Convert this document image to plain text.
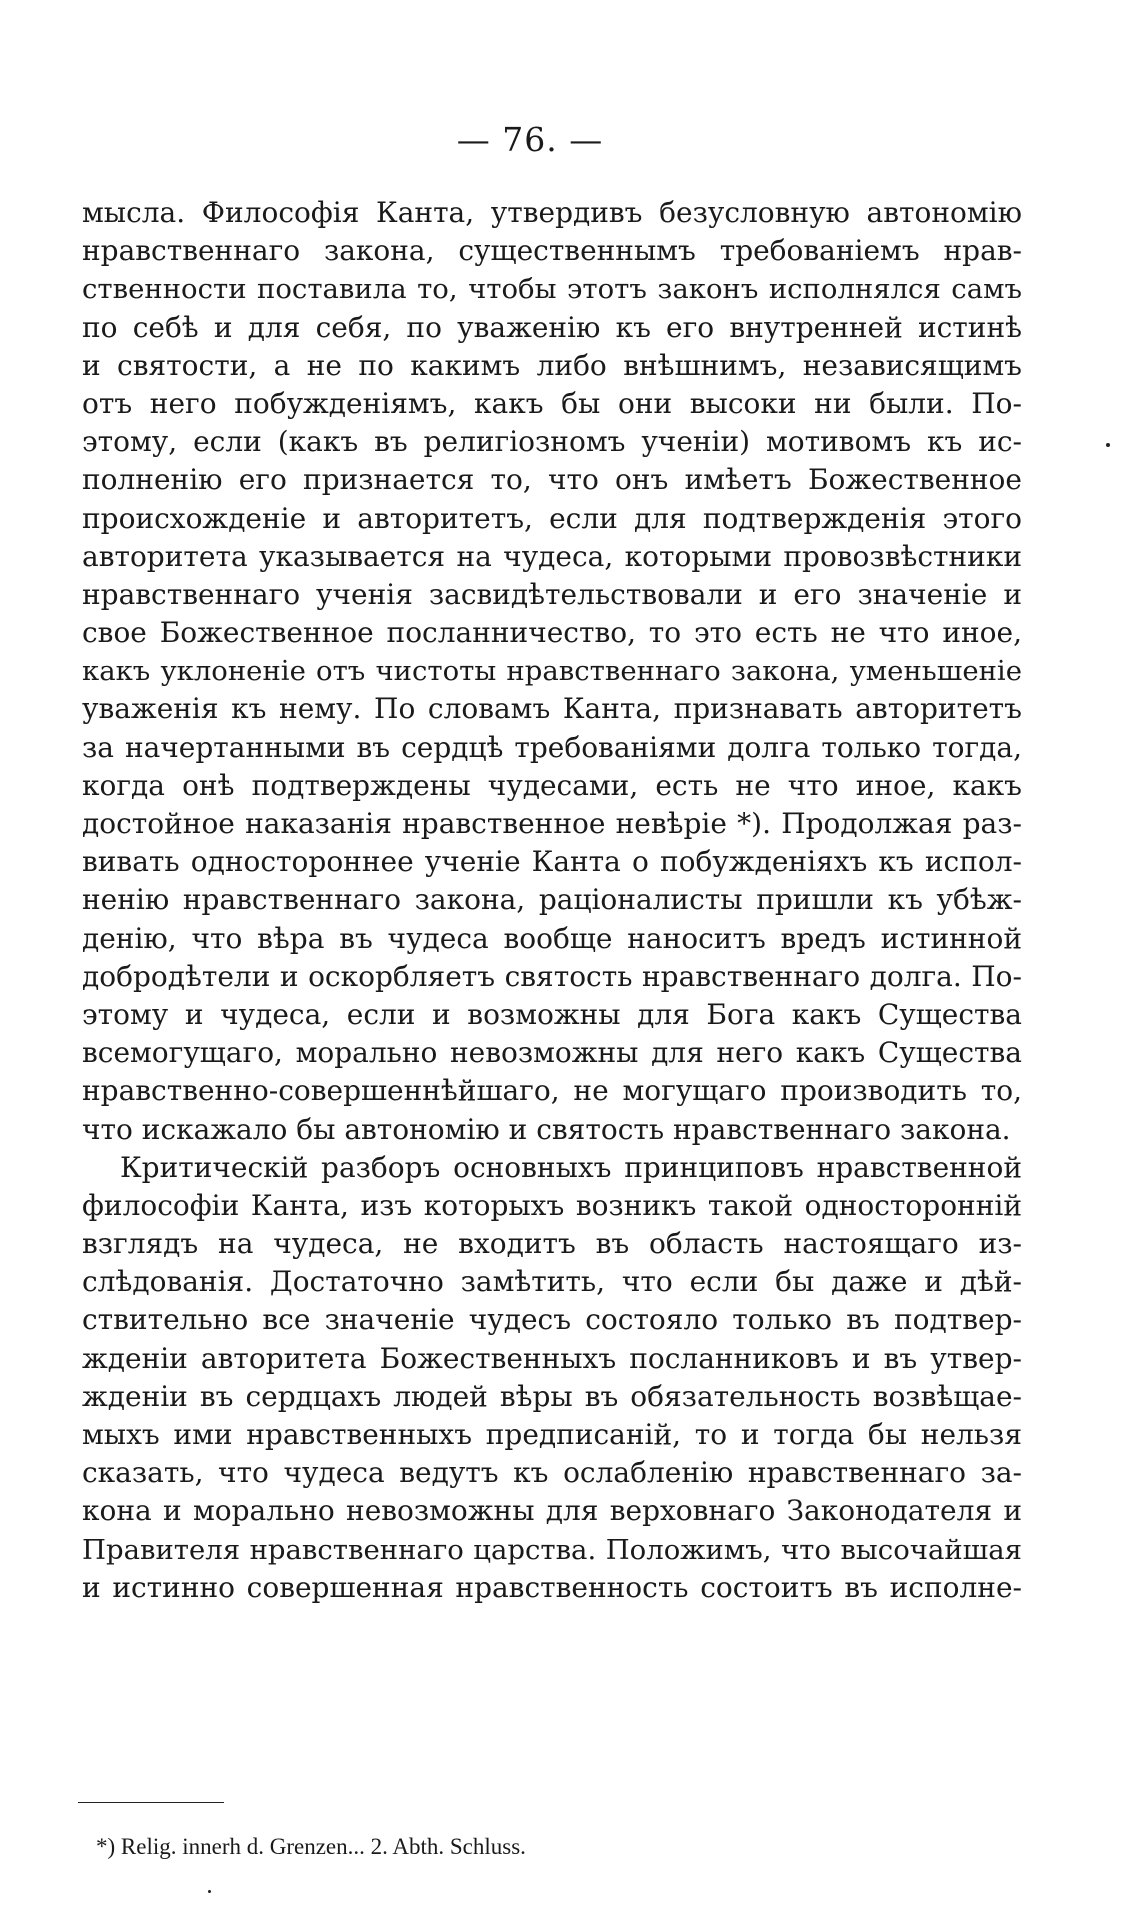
— 76. —
мысла. Философія Канта, утвердивъ безусловную автономію
нравственнаго закона, существеннымъ требованіемъ нрав-
ственности поставила то, чтобы этотъ законъ исполнялся самъ
по себѣ и для себя, по уваженію къ его внутренней истинѣ
и святости, а не по какимъ либо внѣшнимъ, независящимъ
отъ него побужденіямъ, какъ бы они высоки ни были. По-
этому, если (какъ въ религіозномъ ученіи) мотивомъ къ ис-
полненію его признается то, что онъ имѣетъ Божественное
происхожденіе и авторитетъ, если для подтвержденія этого
авторитета указывается на чудеса, которыми провозвѣстники
нравственнаго ученія засвидѣтельствовали и его значеніе и
свое Божественное посланничество, то это есть не что иное,
какъ уклоненіе отъ чистоты нравственнаго закона, уменьшеніе
уваженія къ нему. По словамъ Канта, признавать авторитетъ
за начертанными въ сердцѣ требованіями долга только тогда,
когда онѣ подтверждены чудесами, есть не что иное, какъ
достойное наказанія нравственное невѣріе *). Продолжая раз-
вивать одностороннее ученіе Канта о побужденіяхъ къ испол-
ненію нравственнаго закона, раціоналисты пришли къ убѣж-
денію, что вѣра въ чудеса вообще наноситъ вредъ истинной
добродѣтели и оскорбляетъ святость нравственнаго долга. По-
этому и чудеса, если и возможны для Бога какъ Существа
всемогущаго, морально невозможны для него какъ Существа
нравственно-совершеннѣйшаго, не могущаго производить то,
что искажало бы автономію и святость нравственнаго закона.
Критическій разборъ основныхъ принциповъ нравственной
философіи Канта, изъ которыхъ возникъ такой односторонній
взглядъ на чудеса, не входитъ въ область настоящаго из-
слѣдованія. Достаточно замѣтить, что если бы даже и дѣй-
ствительно все значеніе чудесъ состояло только въ подтвер-
жденіи авторитета Божественныхъ посланниковъ и въ утвер-
жденіи въ сердцахъ людей вѣры въ обязательность возвѣщае-
мыхъ ими нравственныхъ предписаній, то и тогда бы нельзя
сказать, что чудеса ведутъ къ ослабленію нравственнаго за-
кона и морально невозможны для верховнаго Законодателя и
Правителя нравственнаго царства. Положимъ, что высочайшая
и истинно совершенная нравственность состоитъ въ исполне-
*) Relig. innerh d. Grenzen... 2. Abth. Schluss.
